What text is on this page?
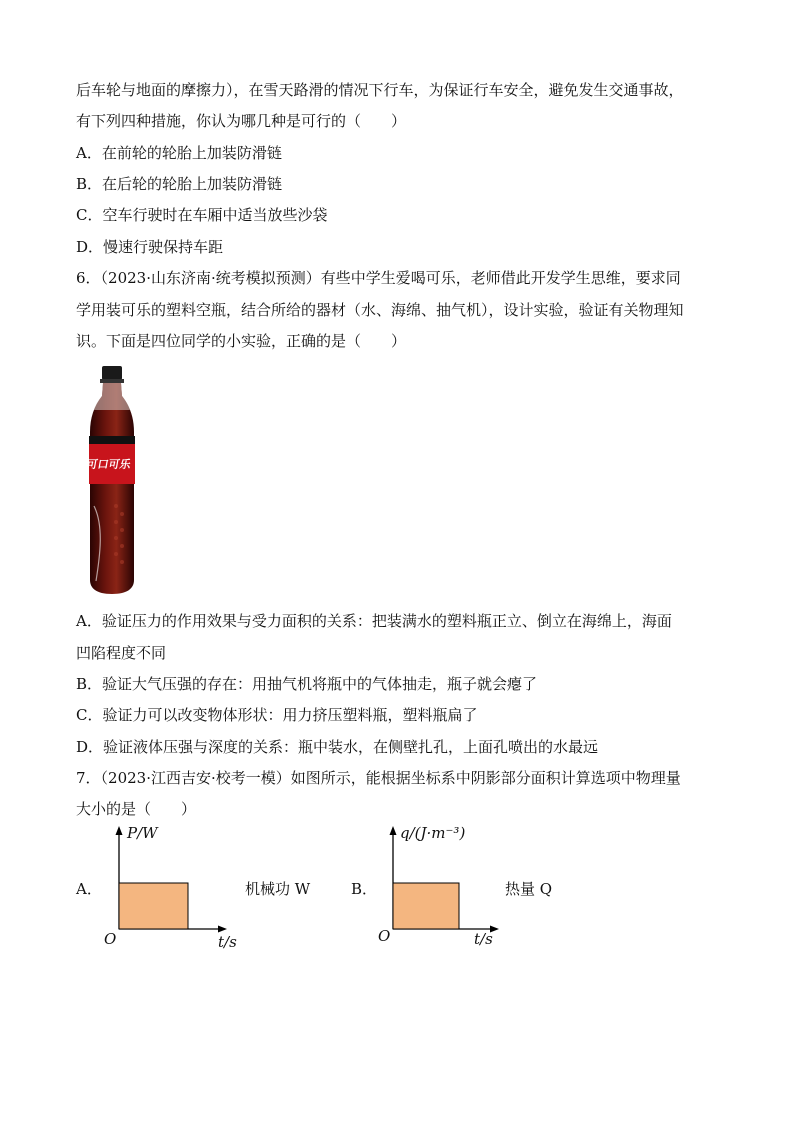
后车轮与地面的摩擦力），在雪天路滑的情况下行车，为保证行车安全，避免发生交通事故，
有下列四种措施，你认为哪几种是可行的（　　）
A．在前轮的轮胎上加装防滑链
B．在后轮的轮胎上加装防滑链
C．空车行驶时在车厢中适当放些沙袋
D．慢速行驶保持车距
6．（2023·山东济南·统考模拟预测）有些中学生爱喝可乐，老师借此开发学生思维，要求同
学用装可乐的塑料空瓶，结合所给的器材（水、海绵、抽气机），设计实验，验证有关物理知
识。下面是四位同学的小实验，正确的是（　　）
可口可乐
A．验证压力的作用效果与受力面积的关系：把装满水的塑料瓶正立、倒立在海绵上，海面
凹陷程度不同
B．验证大气压强的存在：用抽气机将瓶中的气体抽走，瓶子就会瘪了
C．验证力可以改变物体形状：用力挤压塑料瓶，塑料瓶扁了
D．验证液体压强与深度的关系：瓶中装水，在侧壁扎孔，上面孔喷出的水最远
7．（2023·江西吉安·校考一模）如图所示，能根据坐标系中阴影部分面积计算选项中物理量
大小的是（　　）
A．
P/W
O	t/s
机械功 W	B．
q/(J·m⁻³)
O	t/s
热量 Q
